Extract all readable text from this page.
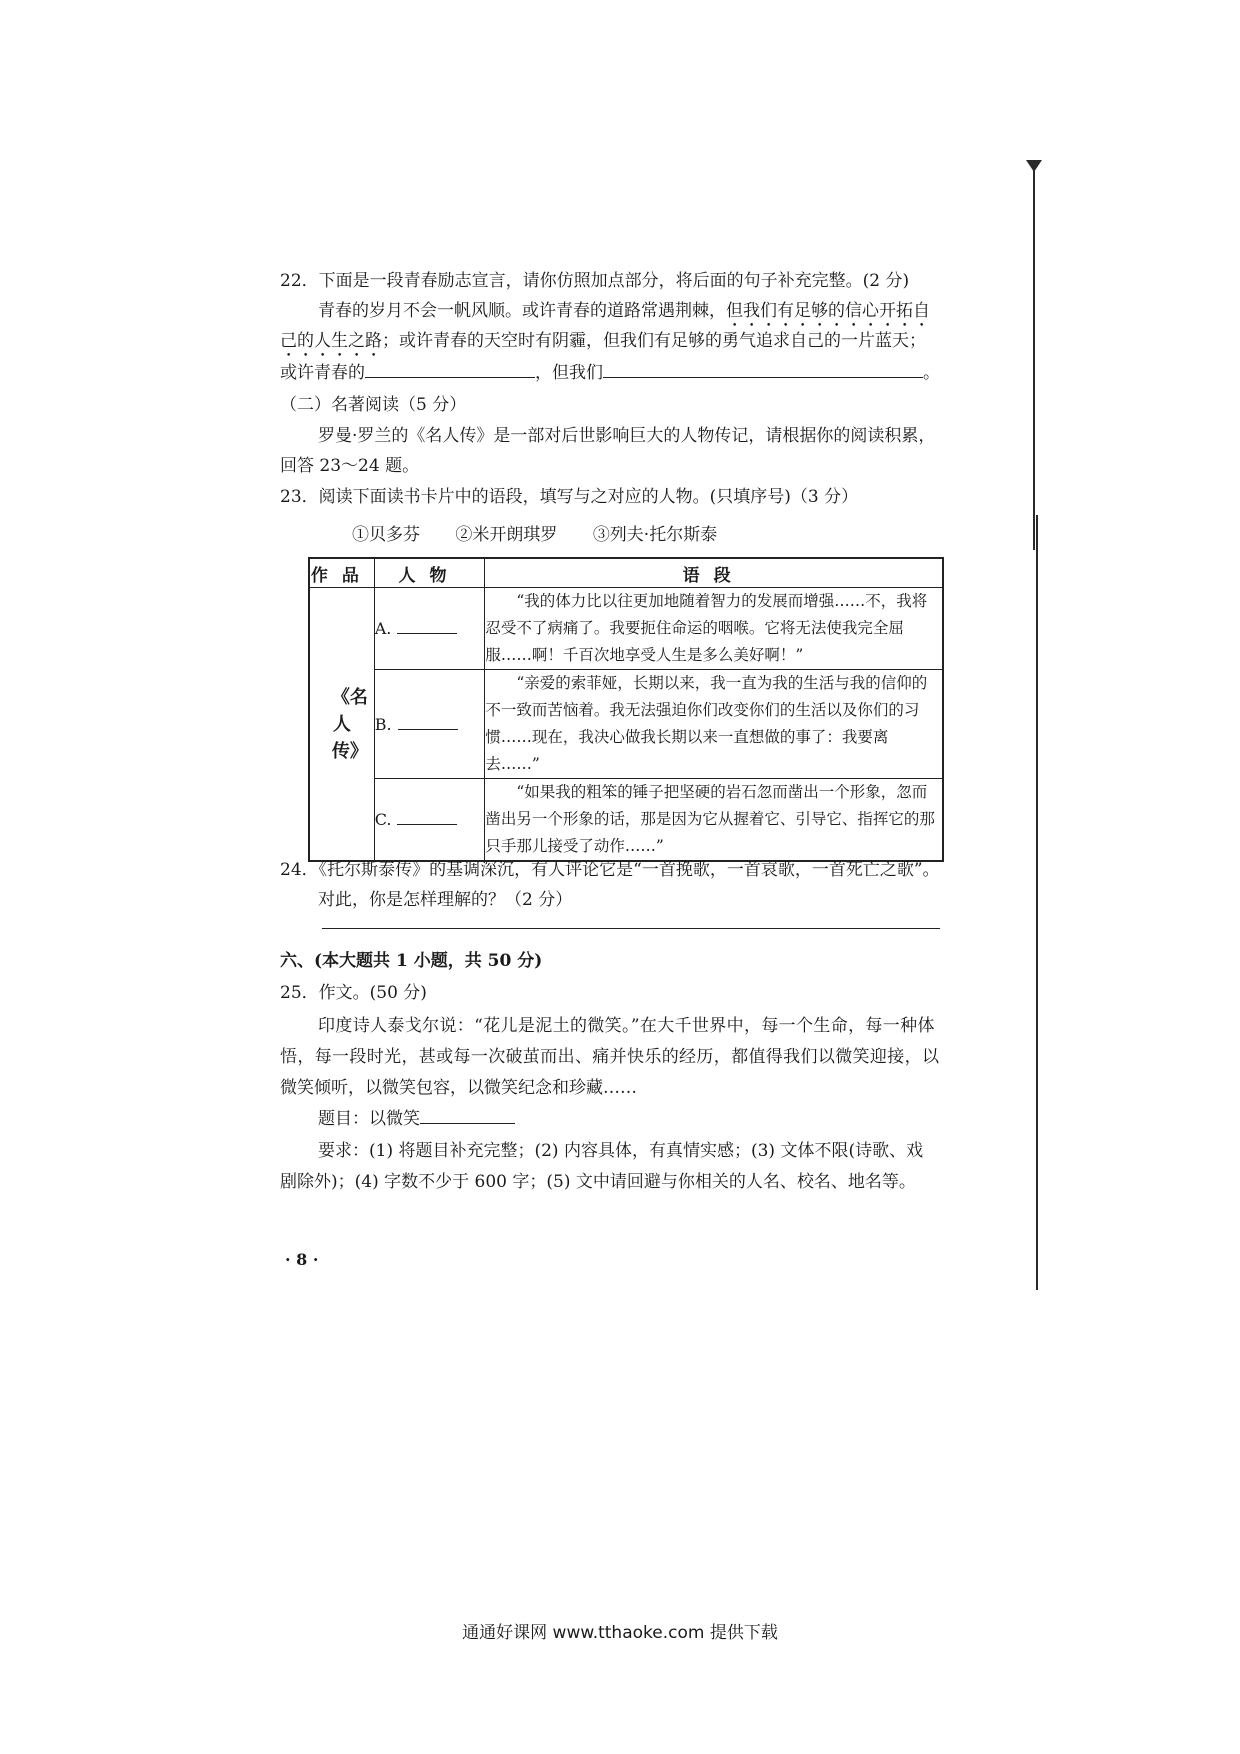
22．下面是一段青春励志宣言，请你仿照加点部分，将后面的句子补充完整。(2 分)
青春的岁月不会一帆风顺。或许青春的道路常遇荆棘，但我们有足够的信心开拓自
己的人生之路；或许青春的天空时有阴霾，但我们有足够的勇气追求自己的一片蓝天；
或许青春的	，但我们	。
（二）名著阅读（5 分）
罗曼·罗兰的《名人传》是一部对后世影响巨大的人物传记，请根据你的阅读积累，
回答 23～24 题。
23．阅读下面读书卡片中的语段，填写与之对应的人物。(只填序号)（3 分）
①贝多芬 ②米开朗琪罗 ③列夫·托尔斯泰
作品	人物	语段
《名人传》	A.	“我的体力比以往更加地随着智力的发展而增强……不，我将忍受不了病痛了。我要扼住命运的咽喉。它将无法使我完全屈服……啊！千百次地享受人生是多么美好啊！”
	B.	“亲爱的索菲娅，长期以来，我一直为我的生活与我的信仰的不一致而苦恼着。我无法强迫你们改变你们的生活以及你们的习惯……现在，我决心做我长期以来一直想做的事了：我要离去……”
	C.	“如果我的粗笨的锤子把坚硬的岩石忽而凿出一个形象，忽而凿出另一个形象的话，那是因为它从握着它、引导它、指挥它的那只手那儿接受了动作……”
24．《托尔斯泰传》的基调深沉，有人评论它是“一首挽歌，一首哀歌，一首死亡之歌”。
对此，你是怎样理解的？（2 分）
六、(本大题共 1 小题，共 50 分)
25．作文。(50 分)
印度诗人泰戈尔说：“花儿是泥土的微笑。”在大千世界中，每一个生命，每一种体
悟，每一段时光，甚或每一次破茧而出、痛并快乐的经历，都值得我们以微笑迎接，以
微笑倾听，以微笑包容，以微笑纪念和珍藏……
题目：以微笑
要求：(1) 将题目补充完整；(2) 内容具体，有真情实感；(3) 文体不限(诗歌、戏
剧除外)；(4) 字数不少于 600 字；(5) 文中请回避与你相关的人名、校名、地名等。
· 8 ·
通通好课网 www.tthaoke.com 提供下载
